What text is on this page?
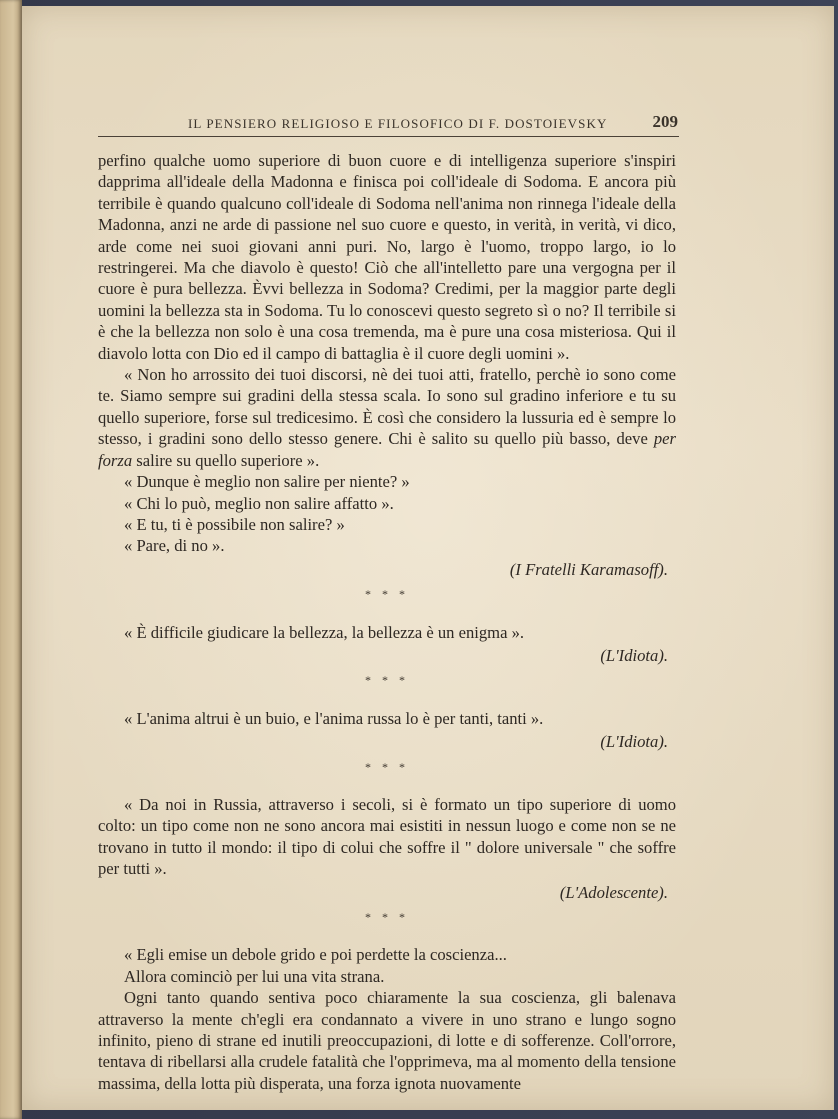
IL PENSIERO RELIGIOSO E FILOSOFICO DI F. DOSTOIEVSKY	209

perfino qualche uomo superiore di buon cuore e di intelligenza superiore s'inspiri dapprima all'ideale della Madonna e finisca poi coll'ideale di Sodoma. E ancora più terribile è quando qualcuno coll'ideale di Sodoma nell'anima non rinnega l'ideale della Madonna, anzi ne arde di passione nel suo cuore e questo, in verità, in verità, vi dico, arde come nei suoi giovani anni puri. No, largo è l'uomo, troppo largo, io lo restringerei. Ma che diavolo è questo! Ciò che all'intelletto pare una vergogna per il cuore è pura bellezza. Èvvi bellezza in Sodoma? Credimi, per la maggior parte degli uomini la bellezza sta in Sodoma. Tu lo conoscevi questo segreto sì o no? Il terribile si è che la bellezza non solo è una cosa tremenda, ma è pure una cosa misteriosa. Qui il diavolo lotta con Dio ed il campo di battaglia è il cuore degli uomini ».

« Non ho arrossito dei tuoi discorsi, nè dei tuoi atti, fratello, perchè io sono come te. Siamo sempre sui gradini della stessa scala. Io sono sul gradino inferiore e tu su quello superiore, forse sul tredicesimo. È così che considero la lussuria ed è sempre lo stesso, i gradini sono dello stesso genere. Chi è salito su quello più basso, deve per forza salire su quello superiore ».

« Dunque è meglio non salire per niente? »

« Chi lo può, meglio non salire affatto ».

« E tu, ti è possibile non salire? »

« Pare, di no ».

(I Fratelli Karamasoff).

* * *

« È difficile giudicare la bellezza, la bellezza è un enigma ».

(L'Idiota).

* * *

« L'anima altrui è un buio, e l'anima russa lo è per tanti, tanti ».

(L'Idiota).

* * *

« Da noi in Russia, attraverso i secoli, si è formato un tipo superiore di uomo colto: un tipo come non ne sono ancora mai esistiti in nessun luogo e come non se ne trovano in tutto il mondo: il tipo di colui che soffre il " dolore universale " che soffre per tutti ».

(L'Adolescente).

* * *

« Egli emise un debole grido e poi perdette la coscienza...

Allora cominciò per lui una vita strana.

Ogni tanto quando sentiva poco chiaramente la sua coscienza, gli balenava attraverso la mente ch'egli era condannato a vivere in uno strano e lungo sogno infinito, pieno di strane ed inutili preoccupazioni, di lotte e di sofferenze. Coll'orrore, tentava di ribellarsi alla crudele fatalità che l'opprimeva, ma al momento della tensione massima, della lotta più disperata, una forza ignota nuovamente
